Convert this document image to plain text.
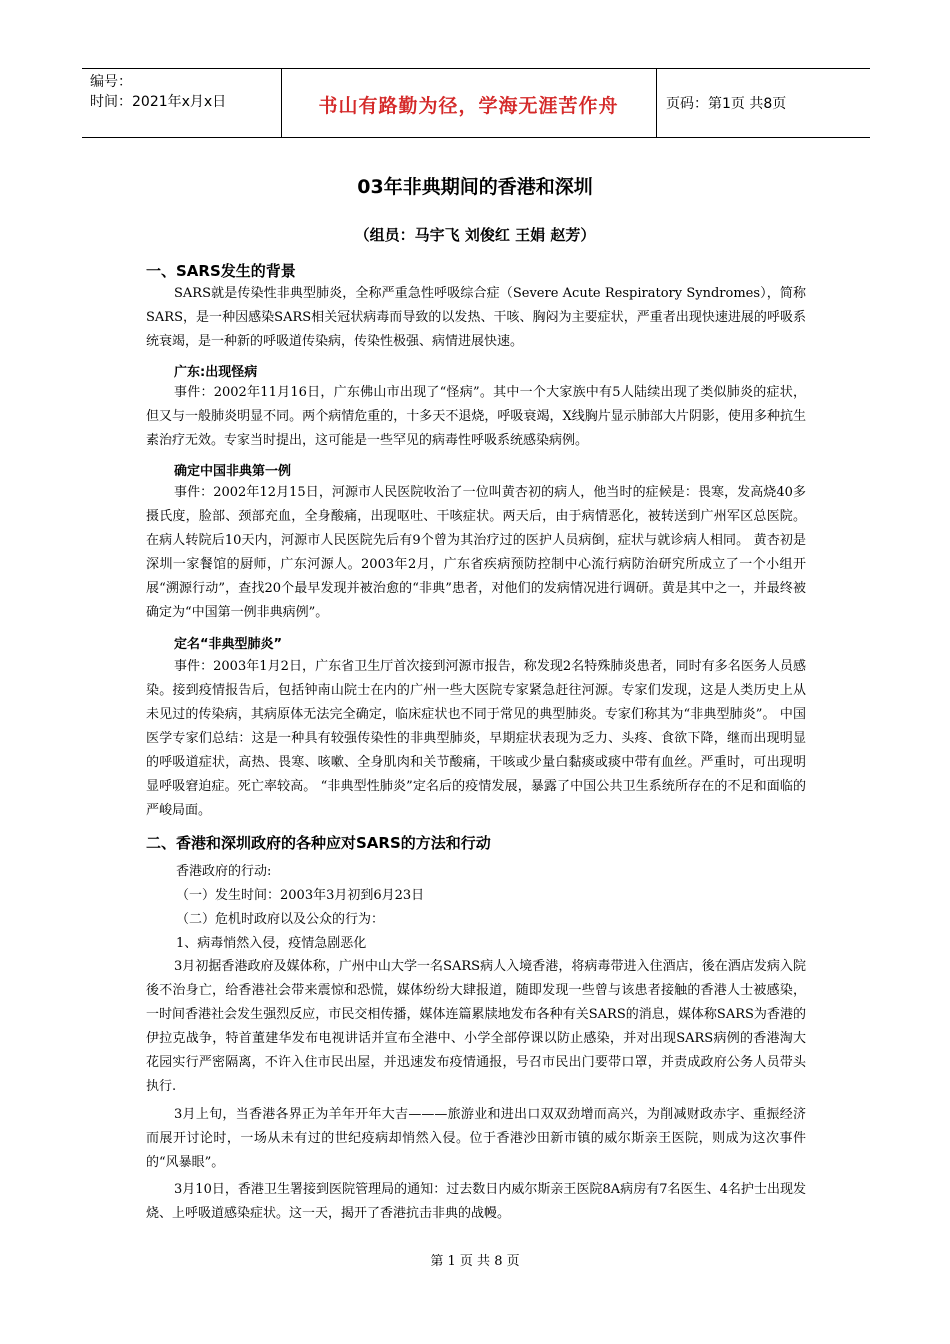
编号：
时间：2021年x月x日	书山有路勤为径，学海无涯苦作舟	页码：第1页 共8页
03年非典期间的香港和深圳
（组员：马宇飞 刘俊红 王娟 赵芳）
一、SARS发生的背景
SARS就是传染性非典型肺炎，全称严重急性呼吸综合症（Severe Acute Respiratory Syndromes），简称SARS，是一种因感染SARS相关冠状病毒而导致的以发热、干咳、胸闷为主要症状，严重者出现快速进展的呼吸系统衰竭，是一种新的呼吸道传染病，传染性极强、病情进展快速。
广东:出现怪病
事件：2002年11月16日，广东佛山市出现了“怪病”。其中一个大家族中有5人陆续出现了类似肺炎的症状，但又与一般肺炎明显不同。两个病情危重的，十多天不退烧，呼吸衰竭，X线胸片显示肺部大片阴影，使用多种抗生素治疗无效。专家当时提出，这可能是一些罕见的病毒性呼吸系统感染病例。
确定中国非典第一例
事件：2002年12月15日，河源市人民医院收治了一位叫黄杏初的病人，他当时的症候是：畏寒，发高烧40多摄氏度，脸部、颈部充血，全身酸痛，出现呕吐、干咳症状。两天后，由于病情恶化，被转送到广州军区总医院。 在病人转院后10天内，河源市人民医院先后有9个曾为其治疗过的医护人员病倒，症状与就诊病人相同。 黄杏初是深圳一家餐馆的厨师，广东河源人。2003年2月，广东省疾病预防控制中心流行病防治研究所成立了一个小组开展“溯源行动”，查找20个最早发现并被治愈的“非典”患者，对他们的发病情况进行调研。黄是其中之一，并最终被确定为“中国第一例非典病例”。
定名“非典型肺炎”
事件：2003年1月2日，广东省卫生厅首次接到河源市报告，称发现2名特殊肺炎患者，同时有多名医务人员感染。接到疫情报告后，包括钟南山院士在内的广州一些大医院专家紧急赶往河源。专家们发现，这是人类历史上从未见过的传染病，其病原体无法完全确定，临床症状也不同于常见的典型肺炎。专家们称其为“非典型肺炎”。 中国医学专家们总结：这是一种具有较强传染性的非典型肺炎，早期症状表现为乏力、头疼、食欲下降，继而出现明显的呼吸道症状，高热、畏寒、咳嗽、全身肌肉和关节酸痛，干咳或少量白黏痰或痰中带有血丝。严重时，可出现明显呼吸窘迫症。死亡率较高。 “非典型性肺炎”定名后的疫情发展，暴露了中国公共卫生系统所存在的不足和面临的严峻局面。
二、香港和深圳政府的各种应对SARS的方法和行动
香港政府的行动:
（一）发生时间：2003年3月初到6月23日
（二）危机时政府以及公众的行为：
1、病毒悄然入侵，疫情急剧恶化
3月初据香港政府及媒体称，广州中山大学一名SARS病人入境香港，将病毒带进入住酒店，後在酒店发病入院後不治身亡，给香港社会带来震惊和恐慌，媒体纷纷大肆报道，随即发现一些曾与该患者接触的香港人士被感染，一时间香港社会发生强烈反应，市民交相传播，媒体连篇累牍地发布各种有关SARS的消息，媒体称SARS为香港的伊拉克战争，特首董建华发布电视讲话并宣布全港中、小学全部停课以防止感染，并对出现SARS病例的香港淘大花园实行严密隔离，不许入住市民出屋，并迅速发布疫情通报，号召市民出门要带口罩，并责成政府公务人员带头执行.
3月上旬，当香港各界正为羊年开年大吉———旅游业和进出口双双劲增而高兴，为削减财政赤字、重振经济而展开讨论时，一场从未有过的世纪疫病却悄然入侵。位于香港沙田新市镇的威尔斯亲王医院，则成为这次事件的“风暴眼”。
3月10日，香港卫生署接到医院管理局的通知：过去数日内威尔斯亲王医院8A病房有7名医生、4名护士出现发烧、上呼吸道感染症状。这一天，揭开了香港抗击非典的战幔。
第 1 页 共 8 页
